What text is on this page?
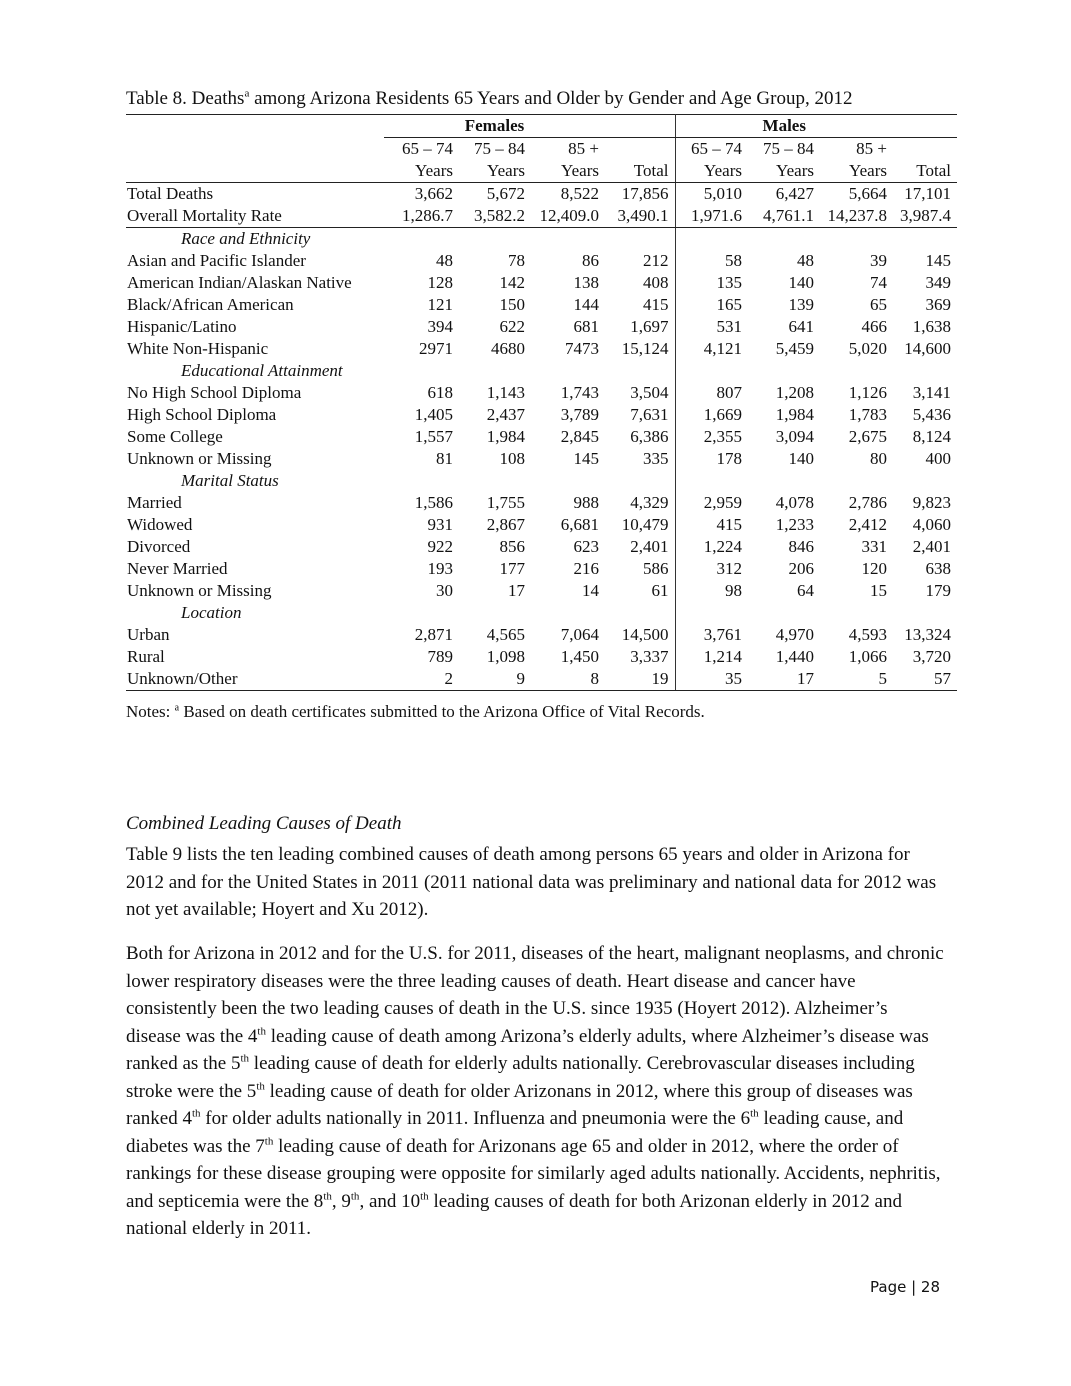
Table 8. Deaths$^a$ among Arizona Residents 65 Years and Older by Gender and Age Group, 2012
	Females				Males			
	65 – 74	75 – 84	85 +		65 – 74	75 – 84	85 +	
	Years	Years	Years	Total	Years	Years	Years	Total
Total Deaths	3,662	5,672	8,522	17,856	5,010	6,427	5,664	17,101
Overall Mortality Rate	1,286.7	3,582.2	12,409.0	3,490.1	1,971.6	4,761.1	14,237.8	3,987.4
Race and Ethnicity								
Asian and Pacific Islander	48	78	86	212	58	48	39	145
American Indian/Alaskan Native	128	142	138	408	135	140	74	349
Black/African American	121	150	144	415	165	139	65	369
Hispanic/Latino	394	622	681	1,697	531	641	466	1,638
White Non-Hispanic	2971	4680	7473	15,124	4,121	5,459	5,020	14,600
Educational Attainment								
No High School Diploma	618	1,143	1,743	3,504	807	1,208	1,126	3,141
High School Diploma	1,405	2,437	3,789	7,631	1,669	1,984	1,783	5,436
Some College	1,557	1,984	2,845	6,386	2,355	3,094	2,675	8,124
Unknown or Missing	81	108	145	335	178	140	80	400
Marital Status								
Married	1,586	1,755	988	4,329	2,959	4,078	2,786	9,823
Widowed	931	2,867	6,681	10,479	415	1,233	2,412	4,060
Divorced	922	856	623	2,401	1,224	846	331	2,401
Never Married	193	177	216	586	312	206	120	638
Unknown or Missing	30	17	14	61	98	64	15	179
Location								
Urban	2,871	4,565	7,064	14,500	3,761	4,970	4,593	13,324
Rural	789	1,098	1,450	3,337	1,214	1,440	1,066	3,720
Unknown/Other	2	9	8	19	35	17	5	57
Notes: $^a$ Based on death certificates submitted to the Arizona Office of Vital Records.
Combined Leading Causes of Death

Table 9 lists the ten leading combined causes of death among persons 65 years and older in Arizona for 2012 and for the United States in 2011 (2011 national data was preliminary and national data for 2012 was not yet available; Hoyert and Xu 2012).

Both for Arizona in 2012 and for the U.S. for 2011, diseases of the heart, malignant neoplasms, and chronic lower respiratory diseases were the three leading causes of death. Heart disease and cancer have consistently been the two leading causes of death in the U.S. since 1935 (Hoyert 2012). Alzheimer’s disease was the 4th leading cause of death among Arizona’s elderly adults, where Alzheimer’s disease was ranked as the 5th leading cause of death for elderly adults nationally. Cerebrovascular diseases including stroke were the 5th leading cause of death for older Arizonans in 2012, where this group of diseases was ranked 4th for older adults nationally in 2011. Influenza and pneumonia were the 6th leading cause, and diabetes was the 7th leading cause of death for Arizonans age 65 and older in 2012, where the order of rankings for these disease grouping were opposite for similarly aged adults nationally. Accidents, nephritis, and septicemia were the 8th, 9th, and 10th leading causes of death for both Arizonan elderly in 2012 and national elderly in 2011.

Page | 28
